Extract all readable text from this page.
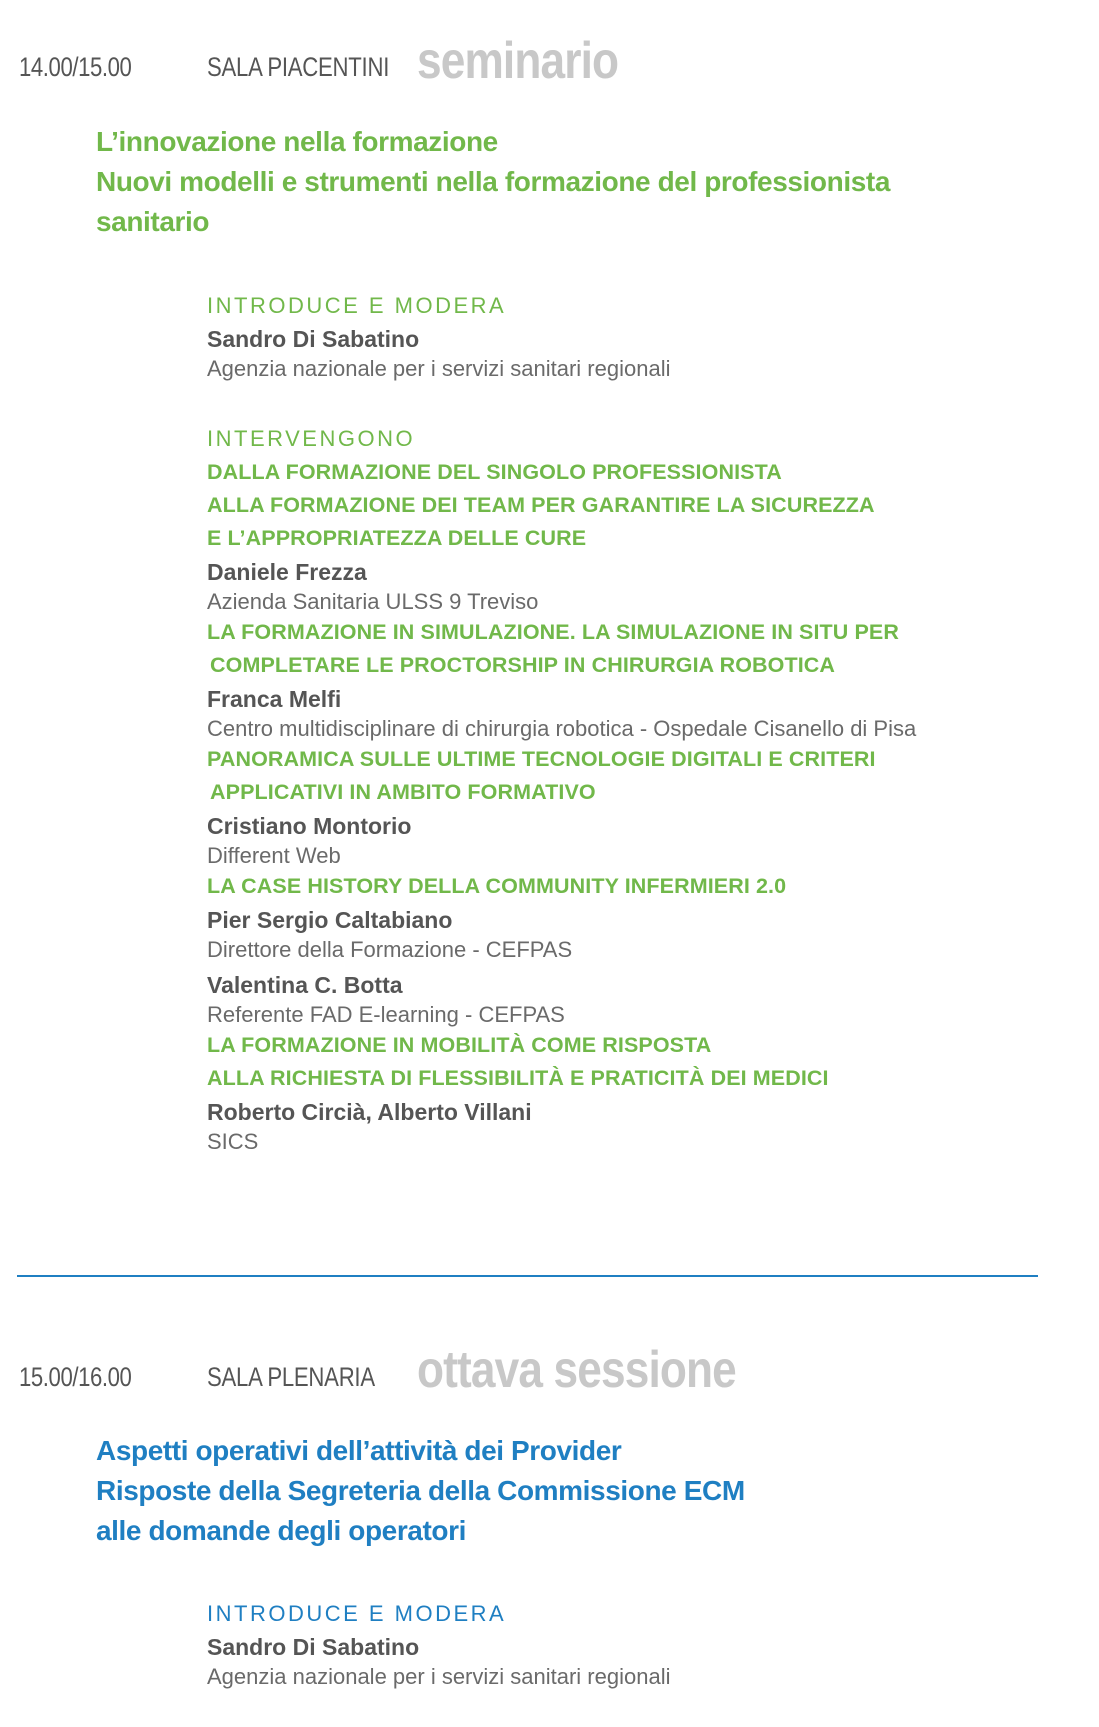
14.00/15.00	SALA PIACENTINI seminario
L’innovazione nella formazione
Nuovi modelli e strumenti nella formazione del professionista
sanitario
INTRODUCE E MODERA
Sandro Di Sabatino
Agenzia nazionale per i servizi sanitari regionali
INTERVENGONO
DALLA FORMAZIONE DEL SINGOLO PROFESSIONISTA
ALLA FORMAZIONE DEI TEAM PER GARANTIRE LA SICUREZZA
E L’APPROPRIATEZZA DELLE CURE
Daniele Frezza
Azienda Sanitaria ULSS 9 Treviso
LA FORMAZIONE IN SIMULAZIONE. LA SIMULAZIONE IN SITU PER
COMPLETARE LE PROCTORSHIP IN CHIRURGIA ROBOTICA
Franca Melfi
Centro multidisciplinare di chirurgia robotica - Ospedale Cisanello di Pisa
PANORAMICA SULLE ULTIME TECNOLOGIE DIGITALI E CRITERI
APPLICATIVI IN AMBITO FORMATIVO
Cristiano Montorio
Different Web
LA CASE HISTORY DELLA COMMUNITY INFERMIERI 2.0
Pier Sergio Caltabiano
Direttore della Formazione - CEFPAS
Valentina C. Botta
Referente FAD E-learning - CEFPAS
LA FORMAZIONE IN MOBILITÀ COME RISPOSTA
ALLA RICHIESTA DI FLESSIBILITÀ E PRATICITÀ DEI MEDICI
Roberto Circià, Alberto Villani
SICS
15.00/16.00	SALA PLENARIA ottava sessione
Aspetti operativi dell’attività dei Provider
Risposte della Segreteria della Commissione ECM
alle domande degli operatori
INTRODUCE E MODERA
Sandro Di Sabatino
Agenzia nazionale per i servizi sanitari regionali
